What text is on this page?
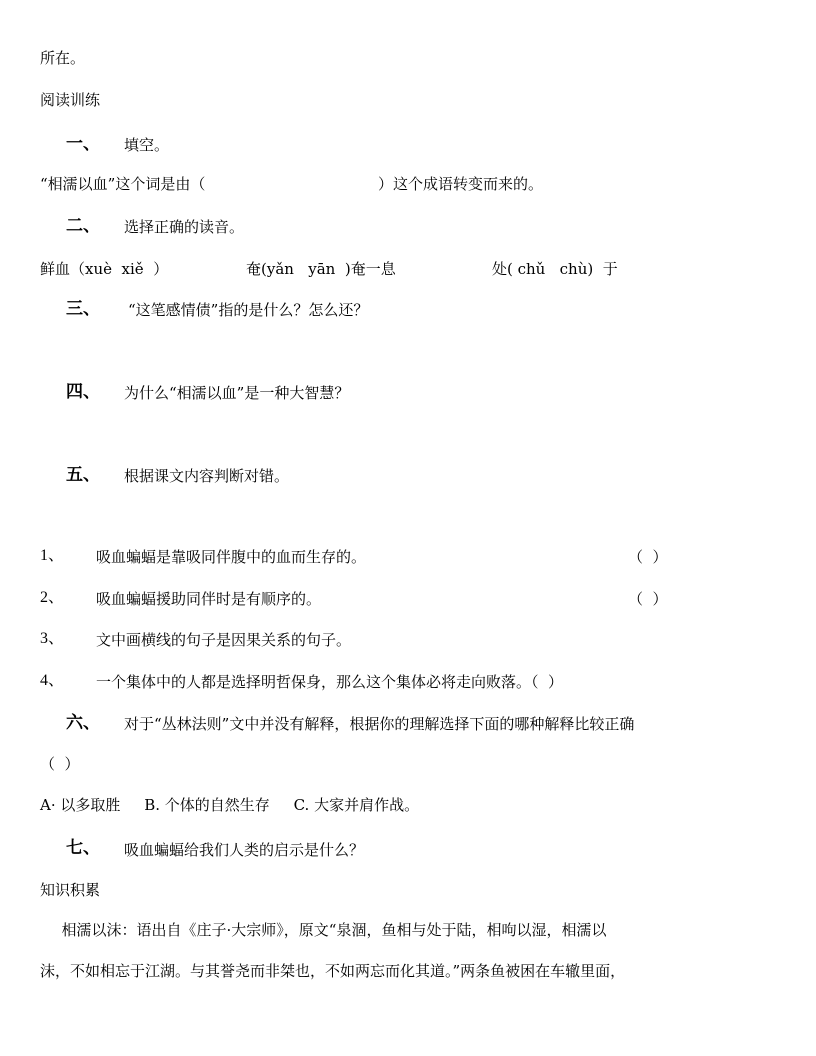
所在。
阅读训练
一、 填空。
“相濡以血”这个词是由（	）这个成语转变而来的。
二、 选择正确的读音。
鲜血（xuè  xiě  ）	奄(yǎn   yān  )奄一息	处( chǔ   chù)  于
三、 “这笔感情债”指的是什么？怎么还？
四、 为什么“相濡以血”是一种大智慧？
五、 根据课文内容判断对错。
1、 吸血蝙蝠是靠吸同伴腹中的血而生存的。	（  ）
2、 吸血蝙蝠援助同伴时是有顺序的。	（  ）
3、 文中画横线的句子是因果关系的句子。
4、 一个集体中的人都是选择明哲保身，那么这个集体必将走向败落。（  ）
六、 对于“丛林法则”文中并没有解释，根据你的理解选择下面的哪种解释比较正确
（  ）
A· 以多取胜     B. 个体的自然生存     C. 大家并肩作战。
七、 吸血蝙蝠给我们人类的启示是什么？
知识积累
相濡以沫：语出自《庄子·大宗师》，原文“泉涸，鱼相与处于陆，相呴以湿，相濡以
沫，不如相忘于江湖。与其誉尧而非桀也，不如两忘而化其道。”两条鱼被困在车辙里面，
